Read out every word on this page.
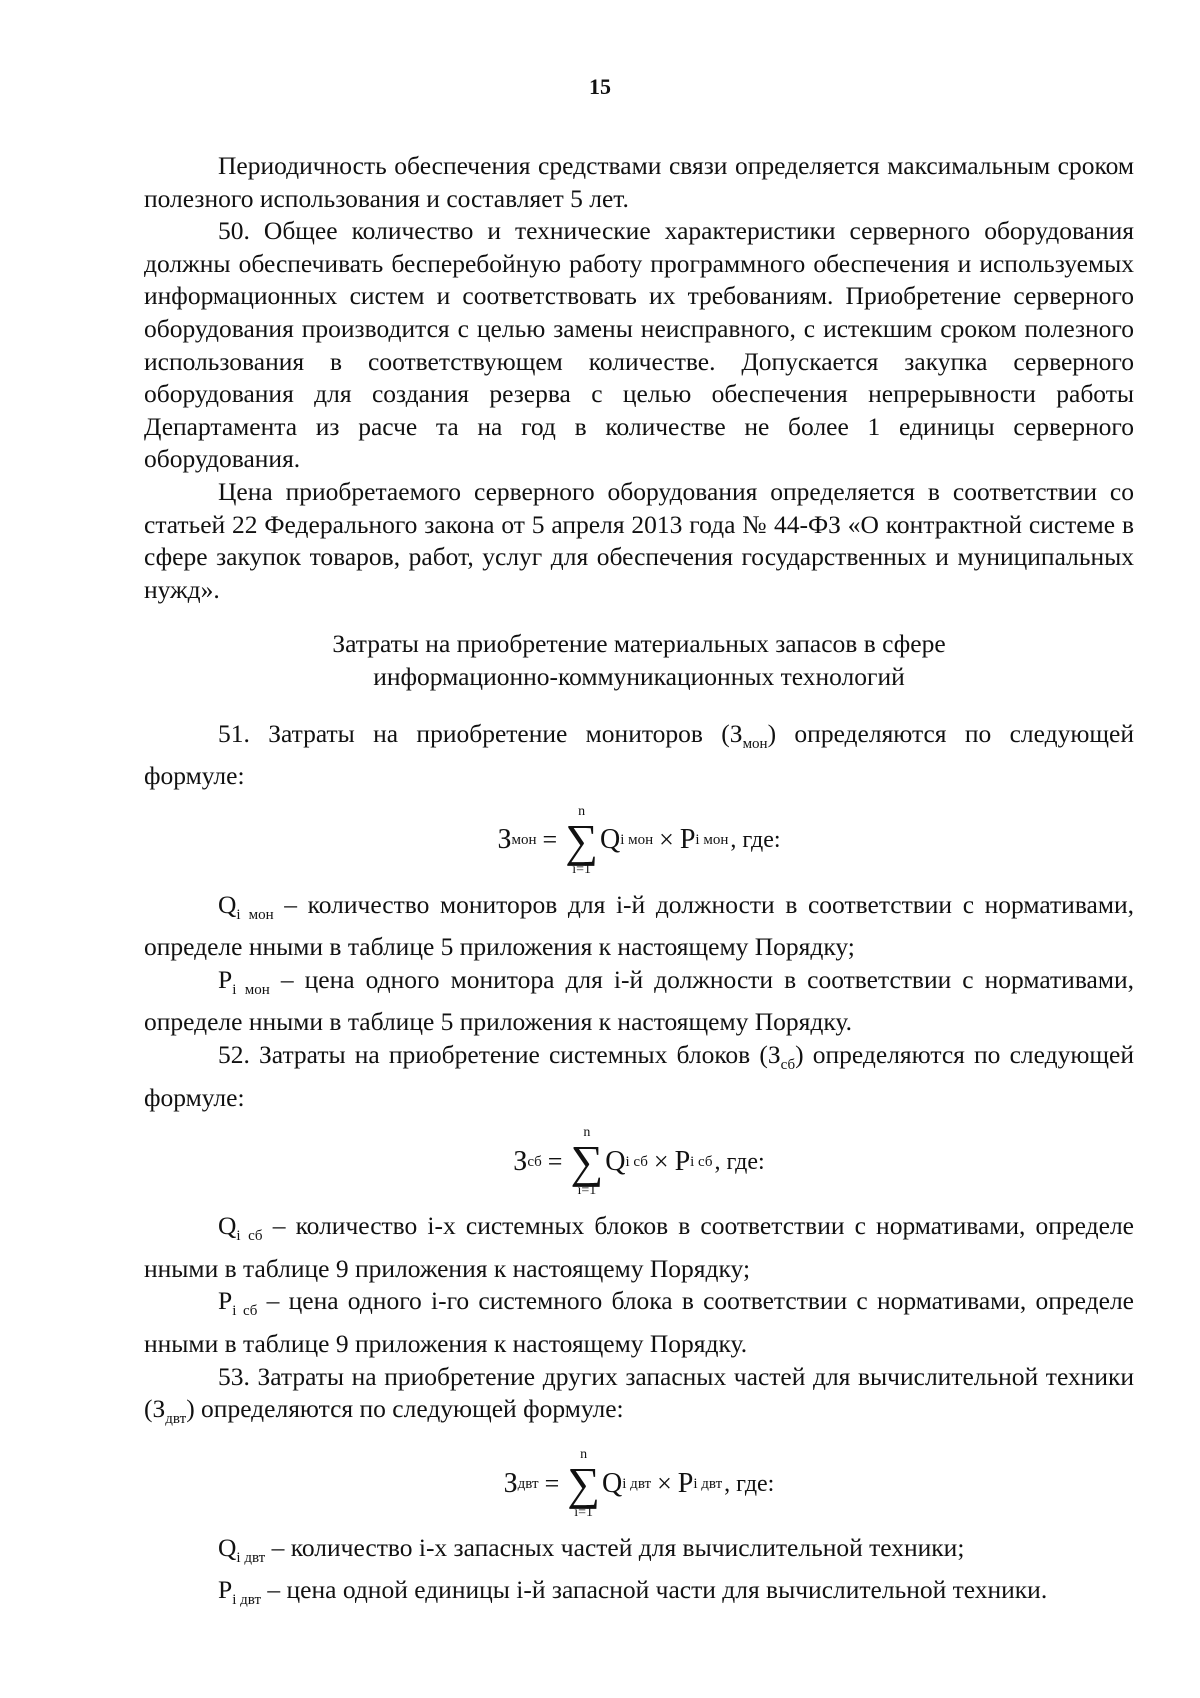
15

Периодичность обеспечения средствами связи определяется максимальным сроком полезного использования и составляет 5 лет.

50. Общее количество и технические характеристики серверного оборудования должны обеспечивать бесперебойную работу программного обеспечения и используемых информационных систем и соответствовать их требованиям. Приобретение серверного оборудования производится с целью замены неисправного, с истекшим сроком полезного использования в соответствующем количестве. Допускается закупка серверного оборудования для создания резерва с целью обеспечения непрерывности работы Департамента из расче та на год в количестве не более 1 единицы серверного оборудования.

Цена приобретаемого серверного оборудования определяется в соответствии со статьей 22 Федерального закона от 5 апреля 2013 года № 44-ФЗ «О контрактной системе в сфере закупок товаров, работ, услуг для обеспечения государственных и муниципальных нужд».

Затраты на приобретение материальных запасов в сфере
информационно-коммуникационных технологий

51. Затраты на приобретение мониторов $(З_{мон})$ определяются по следующей формуле:

З мон =
n
∑
i=1
Q i мон × P i мон , где:

$Q_{i мон}$ – количество мониторов для i-й должности в соответствии с нормативами, определе нными в таблице 5 приложения к настоящему Порядку;

$P_{i мон}$ – цена одного монитора для i-й должности в соответствии с нормативами, определе нными в таблице 5 приложения к настоящему Порядку.

52. Затраты на приобретение системных блоков $(З_{сб})$ определяются по следующей формуле:

З сб =
n
∑
i=1
Q i сб × P i сб , где:

$Q_{i сб}$ – количество i-х системных блоков в соответствии с нормативами, определе нными в таблице 9 приложения к настоящему Порядку;

$P_{i сб}$ – цена одного i-го системного блока в соответствии с нормативами, определе нными в таблице 9 приложения к настоящему Порядку.

53. Затраты на приобретение других запасных частей для вычислительной техники $(З_{двт})$ определяются по следующей формуле:

З двт =
n
∑
i=1
Q i двт × P i двт , где:

$Q_{i двт}$ – количество i-х запасных частей для вычислительной техники;

$P_{i двт}$ – цена одной единицы i-й запасной части для вычислительной техники.
